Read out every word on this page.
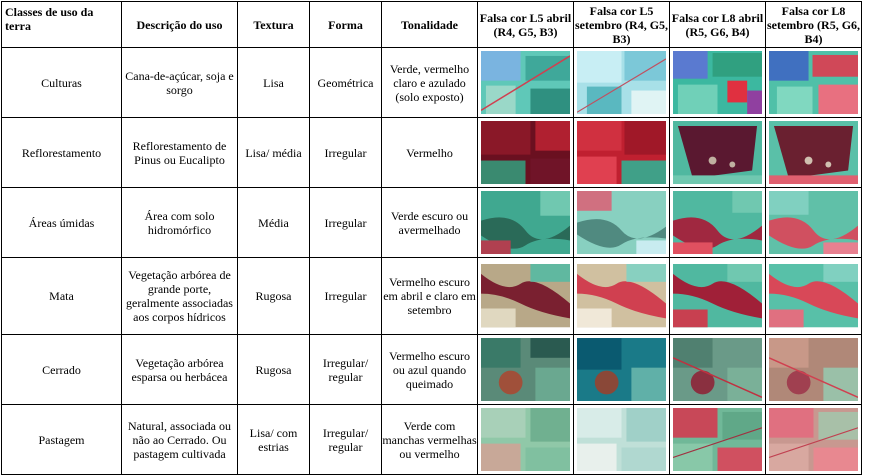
Classes de uso da terra	Descrição do uso	Textura	Forma	Tonalidade	Falsa cor L5 abril (R4, G5, B3)	Falsa cor L5 setembro (R4, G5, B3)	Falsa cor L8 abril (R5, G6, B4)	Falsa cor L8 setembro (R5, G6, B4)
Culturas	Cana-de-açúcar, soja e sorgo	Lisa	Geométrica	Verde, vermelho claro e azulado (solo exposto)	

Reflorestamento	Reflorestamento de Pinus ou Eucalipto	Lisa/ média	Irregular	Vermelho	

Áreas úmidas	Área com solo hidromórfico	Média	Irregular	Verde escuro ou avermelhado	

Mata	Vegetação arbórea de grande porte, geralmente associadas aos corpos hídricos	Rugosa	Irregular	Vermelho escuro em abril e claro em setembro	

Cerrado	Vegetação arbórea esparsa ou herbácea	Rugosa	Irregular/ regular	Vermelho escuro ou azul quando queimado	

Pastagem	Natural, associada ou não ao Cerrado. Ou pastagem cultivada	Lisa/ com estrias	Irregular/ regular	Verde com manchas vermelhas ou vermelho	
